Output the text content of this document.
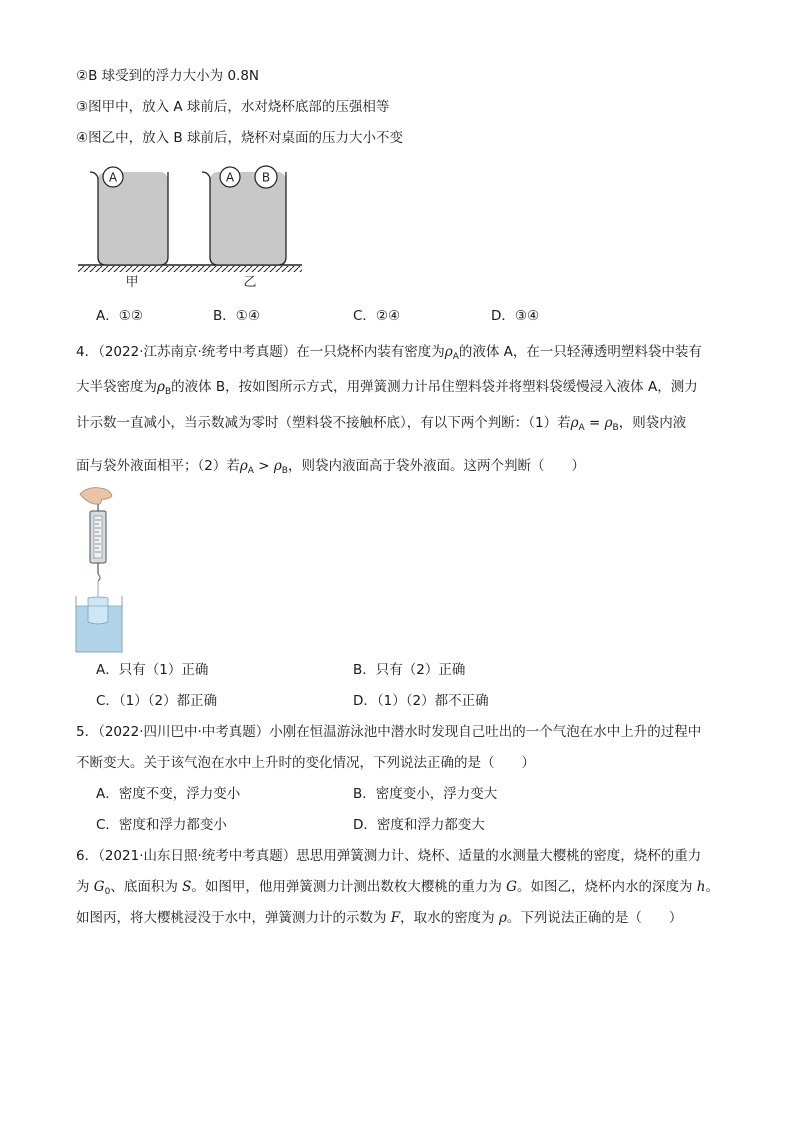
②B 球受到的浮力大小为 0.8N
③图甲中，放入 A 球前后，水对烧杯底部的压强相等
④图乙中，放入 B 球前后，烧杯对桌面的压力大小不变
A	A B
甲	乙
A．①②	B．①④	C．②④	D．③④
4．（2022·江苏南京·统考中考真题）在一只烧杯内装有密度为$\rho_A$的液体 A，在一只轻薄透明塑料袋中装有
大半袋密度为$\rho_B$的液体 B，按如图所示方式，用弹簧测力计吊住塑料袋并将塑料袋缓慢浸入液体 A，测力
计示数一直减小，当示数减为零时（塑料袋不接触杯底），有以下两个判断：（1）若$\rho_A = \rho_B$，则袋内液
面与袋外液面相平；（2）若$\rho_A > \rho_B$，则袋内液面高于袋外液面。这两个判断（　　）
A．只有（1）正确	B．只有（2）正确
C．（1）（2）都正确	D．（1）（2）都不正确
5．（2022·四川巴中·中考真题）小刚在恒温游泳池中潜水时发现自己吐出的一个气泡在水中上升的过程中
不断变大。关于该气泡在水中上升时的变化情况，下列说法正确的是（　　）
A．密度不变，浮力变小	B．密度变小，浮力变大
C．密度和浮力都变小	D．密度和浮力都变大
6．（2021·山东日照·统考中考真题）思思用弹簧测力计、烧杯、适量的水测量大樱桃的密度，烧杯的重力
为 $G_0$、底面积为 S。如图甲，他用弹簧测力计测出数枚大樱桃的重力为 G。如图乙，烧杯内水的深度为 h。
如图丙，将大樱桃浸没于水中，弹簧测力计的示数为 F，取水的密度为 ρ。下列说法正确的是（　　）
